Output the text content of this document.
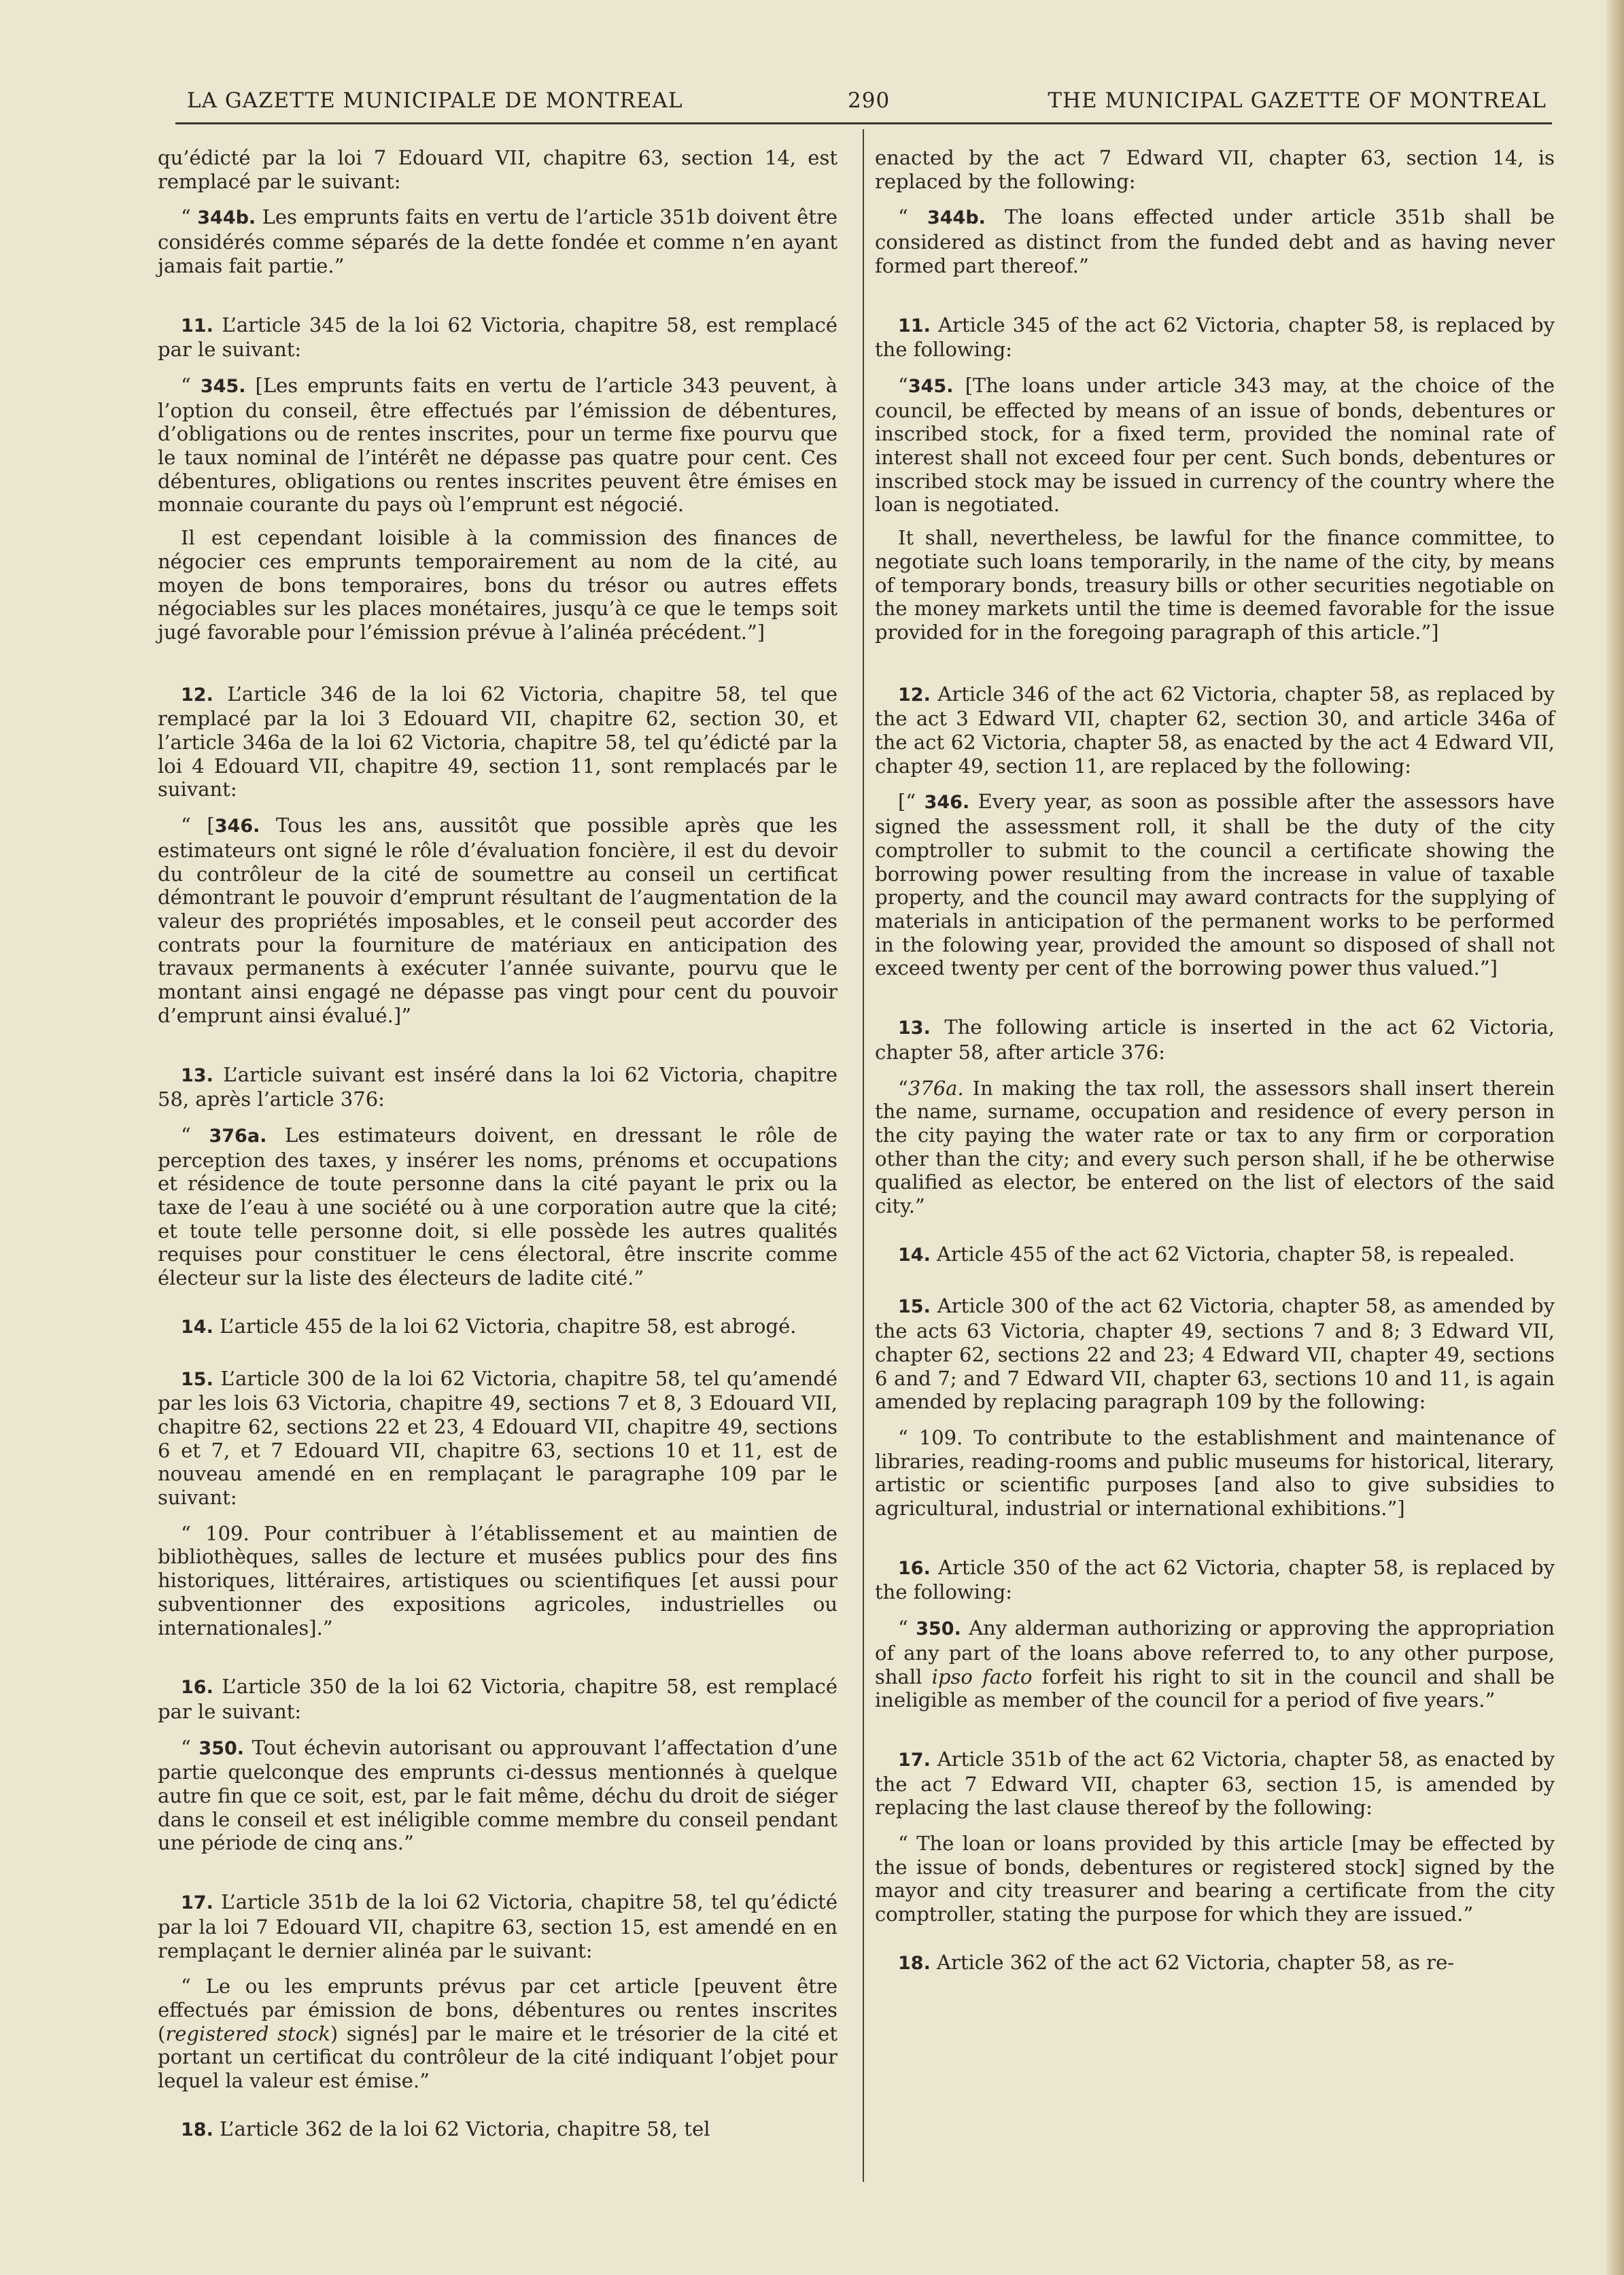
LA GAZETTE MUNICIPALE DE MONTREAL	290	THE MUNICIPAL GAZETTE OF MONTREAL

qu’édicté par la loi 7 Edouard VII, chapitre 63, section 14, est remplacé par le suivant:

“ 344b. Les emprunts faits en vertu de l’article 351b doivent être considérés comme séparés de la dette fondée et comme n’en ayant jamais fait partie.”

11. L’article 345 de la loi 62 Victoria, chapitre 58, est remplacé par le suivant:

“ 345. [Les emprunts faits en vertu de l’article 343 peuvent, à l’option du conseil, être effectués par l’émission de débentures, d’obligations ou de rentes inscrites, pour un terme fixe pourvu que le taux nominal de l’intérêt ne dépasse pas quatre pour cent. Ces débentures, obligations ou rentes inscrites peuvent être émises en monnaie courante du pays où l’emprunt est négocié.

Il est cependant loisible à la commission des finances de négocier ces emprunts temporairement au nom de la cité, au moyen de bons temporaires, bons du trésor ou autres effets négociables sur les places monétaires, jusqu’à ce que le temps soit jugé favorable pour l’émission prévue à l’alinéa précédent.”]

12. L’article 346 de la loi 62 Victoria, chapitre 58, tel que remplacé par la loi 3 Edouard VII, chapitre 62, section 30, et l’article 346a de la loi 62 Victoria, chapitre 58, tel qu’édicté par la loi 4 Edouard VII, chapitre 49, section 11, sont remplacés par le suivant:

“ [346. Tous les ans, aussitôt que possible après que les estimateurs ont signé le rôle d’évaluation foncière, il est du devoir du contrôleur de la cité de soumettre au conseil un certificat démontrant le pouvoir d’emprunt résultant de l’augmentation de la valeur des propriétés imposables, et le conseil peut accorder des contrats pour la fourniture de matériaux en anticipation des travaux permanents à exécuter l’année suivante, pourvu que le montant ainsi engagé ne dépasse pas vingt pour cent du pouvoir d’emprunt ainsi évalué.]”

13. L’article suivant est inséré dans la loi 62 Victoria, chapitre 58, après l’article 376:

“ 376a. Les estimateurs doivent, en dressant le rôle de perception des taxes, y insérer les noms, prénoms et occupations et résidence de toute personne dans la cité payant le prix ou la taxe de l’eau à une société ou à une corporation autre que la cité; et toute telle personne doit, si elle possède les autres qualités requises pour constituer le cens électoral, être inscrite comme électeur sur la liste des électeurs de ladite cité.”

14. L’article 455 de la loi 62 Victoria, chapitre 58, est abrogé.

15. L’article 300 de la loi 62 Victoria, chapitre 58, tel qu’amendé par les lois 63 Victoria, chapitre 49, sections 7 et 8, 3 Edouard VII, chapitre 62, sections 22 et 23, 4 Edouard VII, chapitre 49, sections 6 et 7, et 7 Edouard VII, chapitre 63, sections 10 et 11, est de nouveau amendé en en remplaçant le paragraphe 109 par le suivant:

“ 109. Pour contribuer à l’établissement et au maintien de bibliothèques, salles de lecture et musées publics pour des fins historiques, littéraires, artistiques ou scientifiques [et aussi pour subventionner des expositions agricoles, industrielles ou internationales].”

16. L’article 350 de la loi 62 Victoria, chapitre 58, est remplacé par le suivant:

“ 350. Tout échevin autorisant ou approuvant l’affectation d’une partie quelconque des emprunts ci-dessus mentionnés à quelque autre fin que ce soit, est, par le fait même, déchu du droit de siéger dans le conseil et est inéligible comme membre du conseil pendant une période de cinq ans.”

17. L’article 351b de la loi 62 Victoria, chapitre 58, tel qu’édicté par la loi 7 Edouard VII, chapitre 63, section 15, est amendé en en remplaçant le dernier alinéa par le suivant:

“ Le ou les emprunts prévus par cet article [peuvent être effectués par émission de bons, débentures ou rentes inscrites (registered stock) signés] par le maire et le trésorier de la cité et portant un certificat du contrôleur de la cité indiquant l’objet pour lequel la valeur est émise.”

18. L’article 362 de la loi 62 Victoria, chapitre 58, tel

enacted by the act 7 Edward VII, chapter 63, section 14, is replaced by the following:

“ 344b. The loans effected under article 351b shall be considered as distinct from the funded debt and as having never formed part thereof.”

11. Article 345 of the act 62 Victoria, chapter 58, is replaced by the following:

“345. [The loans under article 343 may, at the choice of the council, be effected by means of an issue of bonds, debentures or inscribed stock, for a fixed term, provided the nominal rate of interest shall not exceed four per cent. Such bonds, debentures or inscribed stock may be issued in currency of the country where the loan is negotiated.

It shall, nevertheless, be lawful for the finance committee, to negotiate such loans temporarily, in the name of the city, by means of temporary bonds, treasury bills or other securities negotiable on the money markets until the time is deemed favorable for the issue provided for in the foregoing paragraph of this article.”]

12. Article 346 of the act 62 Victoria, chapter 58, as replaced by the act 3 Edward VII, chapter 62, section 30, and article 346a of the act 62 Victoria, chapter 58, as enacted by the act 4 Edward VII, chapter 49, section 11, are replaced by the following:

[“ 346. Every year, as soon as possible after the assessors have signed the assessment roll, it shall be the duty of the city comptroller to submit to the council a certificate showing the borrowing power resulting from the increase in value of taxable property, and the council may award contracts for the supplying of materials in anticipation of the permanent works to be performed in the folowing year, provided the amount so disposed of shall not exceed twenty per cent of the borrowing power thus valued.”]

13. The following article is inserted in the act 62 Victoria, chapter 58, after article 376:

“376a. In making the tax roll, the assessors shall insert therein the name, surname, occupation and residence of every person in the city paying the water rate or tax to any firm or corporation other than the city; and every such person shall, if he be otherwise qualified as elector, be entered on the list of electors of the said city.”

14. Article 455 of the act 62 Victoria, chapter 58, is repealed.

15. Article 300 of the act 62 Victoria, chapter 58, as amended by the acts 63 Victoria, chapter 49, sections 7 and 8; 3 Edward VII, chapter 62, sections 22 and 23; 4 Edward VII, chapter 49, sections 6 and 7; and 7 Edward VII, chapter 63, sections 10 and 11, is again amended by replacing paragraph 109 by the following:

“ 109. To contribute to the establishment and maintenance of libraries, reading-rooms and public museums for historical, literary, artistic or scientific purposes [and also to give subsidies to agricultural, industrial or international exhibitions.”]

16. Article 350 of the act 62 Victoria, chapter 58, is replaced by the following:

“ 350. Any alderman authorizing or approving the appropriation of any part of the loans above referred to, to any other purpose, shall ipso facto forfeit his right to sit in the council and shall be ineligible as member of the council for a period of five years.”

17. Article 351b of the act 62 Victoria, chapter 58, as enacted by the act 7 Edward VII, chapter 63, section 15, is amended by replacing the last clause thereof by the following:

“ The loan or loans provided by this article [may be effected by the issue of bonds, debentures or registered stock] signed by the mayor and city treasurer and bearing a certificate from the city comptroller, stating the purpose for which they are issued.”

18. Article 362 of the act 62 Victoria, chapter 58, as re-
